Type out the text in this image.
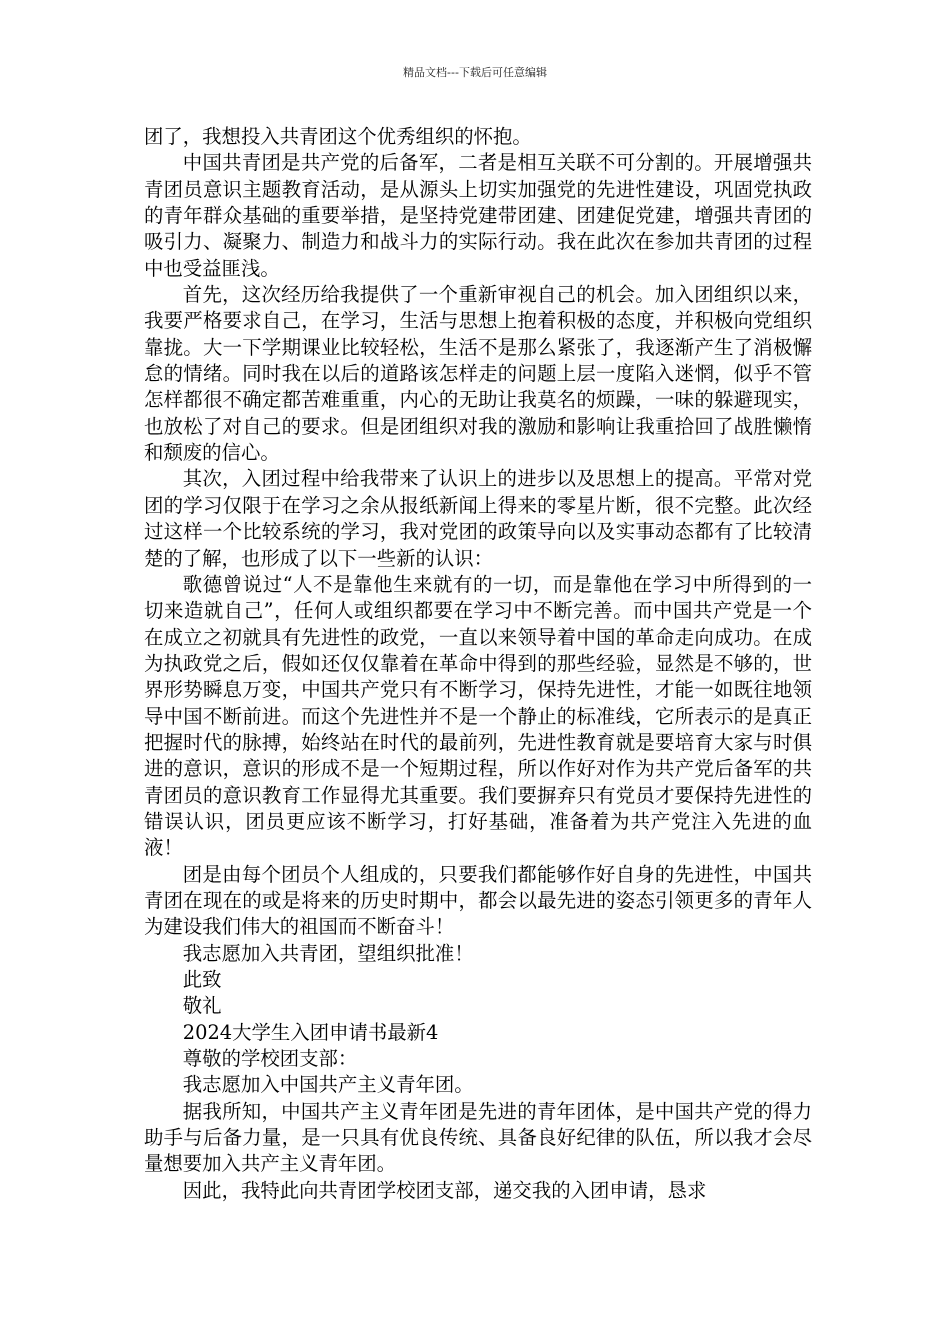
精品文档---下载后可任意编辑

团了，我想投入共青团这个优秀组织的怀抱。

中国共青团是共产党的后备军，二者是相互关联不可分割的。开展增强共青团员意识主题教育活动，是从源头上切实加强党的先进性建设，巩固党执政的青年群众基础的重要举措，是坚持党建带团建、团建促党建，增强共青团的吸引力、凝聚力、制造力和战斗力的实际行动。我在此次在参加共青团的过程中也受益匪浅。

首先，这次经历给我提供了一个重新审视自己的机会。加入团组织以来，我要严格要求自己，在学习，生活与思想上抱着积极的态度，并积极向党组织靠拢。大一下学期课业比较轻松，生活不是那么紧张了，我逐渐产生了消极懈怠的情绪。同时我在以后的道路该怎样走的问题上层一度陷入迷惘，似乎不管怎样都很不确定都苦难重重，内心的无助让我莫名的烦躁，一味的躲避现实，也放松了对自己的要求。但是团组织对我的激励和影响让我重拾回了战胜懒惰和颓废的信心。

其次，入团过程中给我带来了认识上的进步以及思想上的提高。平常对党团的学习仅限于在学习之余从报纸新闻上得来的零星片断，很不完整。此次经过这样一个比较系统的学习，我对党团的政策导向以及实事动态都有了比较清楚的了解，也形成了以下一些新的认识：

歌德曾说过“人不是靠他生来就有的一切，而是靠他在学习中所得到的一切来造就自己”，任何人或组织都要在学习中不断完善。而中国共产党是一个在成立之初就具有先进性的政党，一直以来领导着中国的革命走向成功。在成为执政党之后，假如还仅仅靠着在革命中得到的那些经验，显然是不够的，世界形势瞬息万变，中国共产党只有不断学习，保持先进性，才能一如既往地领导中国不断前进。而这个先进性并不是一个静止的标准线，它所表示的是真正把握时代的脉搏，始终站在时代的最前列，先进性教育就是要培育大家与时俱进的意识，意识的形成不是一个短期过程，所以作好对作为共产党后备军的共青团员的意识教育工作显得尤其重要。我们要摒弃只有党员才要保持先进性的错误认识，团员更应该不断学习，打好基础，准备着为共产党注入先进的血液！

团是由每个团员个人组成的，只要我们都能够作好自身的先进性，中国共青团在现在的或是将来的历史时期中，都会以最先进的姿态引领更多的青年人为建设我们伟大的祖国而不断奋斗！

我志愿加入共青团，望组织批准！

此致

敬礼

2024大学生入团申请书最新4

尊敬的学校团支部：

我志愿加入中国共产主义青年团。

据我所知，中国共产主义青年团是先进的青年团体，是中国共产党的得力助手与后备力量，是一只具有优良传统、具备良好纪律的队伍，所以我才会尽量想要加入共产主义青年团。

因此，我特此向共青团学校团支部，递交我的入团申请，恳求
